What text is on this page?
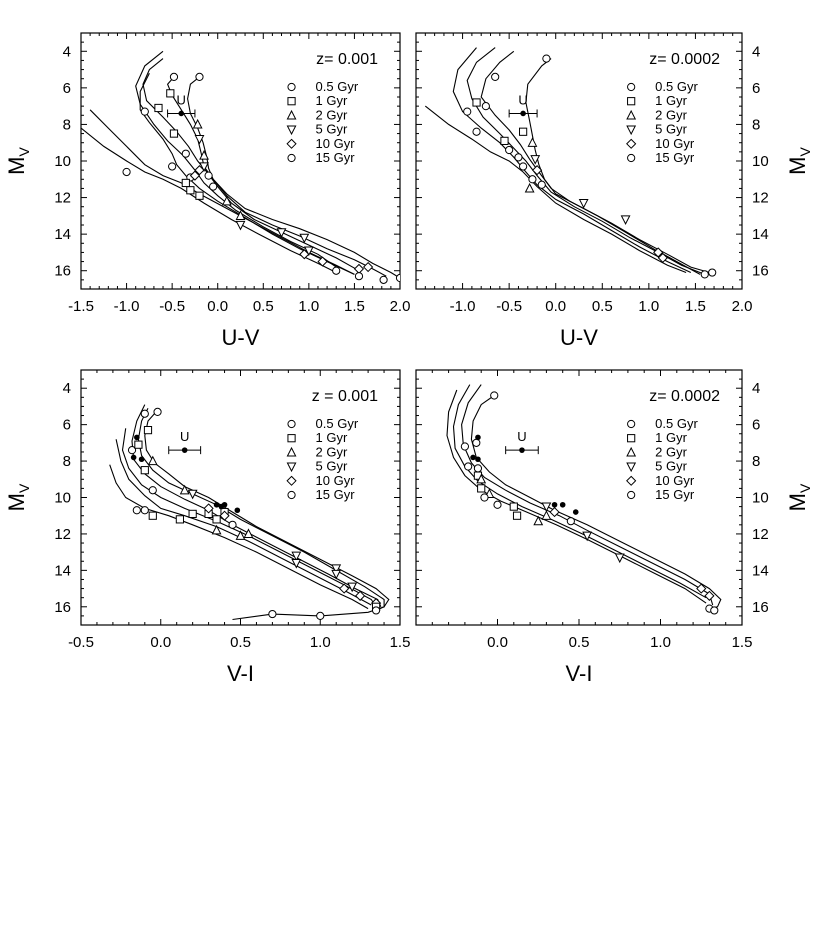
-1.5 -1.0 -0.5 0.0 0.5 1.0 1.5 2.0
4
6
8
10
12
14
16
U-V
$M_V$
z= 0.001
0.5 Gyr
1 Gyr
2 Gyr
5 Gyr
10 Gyr
15 Gyr
U
-1.0 -0.5 0.0 0.5 1.0 1.5 2.0
4
6
8
10
12
14
16
U-V
$M_V$
z= 0.0002
0.5 Gyr
1 Gyr
2 Gyr
5 Gyr
10 Gyr
15 Gyr
U
-0.5	0.0	0.5	1.0	1.5
4
6
8
10
12
14
16
V-I
$M_V$
z = 0.001
0.5 Gyr
1 Gyr
2 Gyr
5 Gyr
10 Gyr
15 Gyr
U
0.0	0.5	1.0	1.5
4
6
8
10
12
14
16
V-I
$M_V$
z= 0.0002
0.5 Gyr
1 Gyr
2 Gyr
5 Gyr
10 Gyr
15 Gyr
U
